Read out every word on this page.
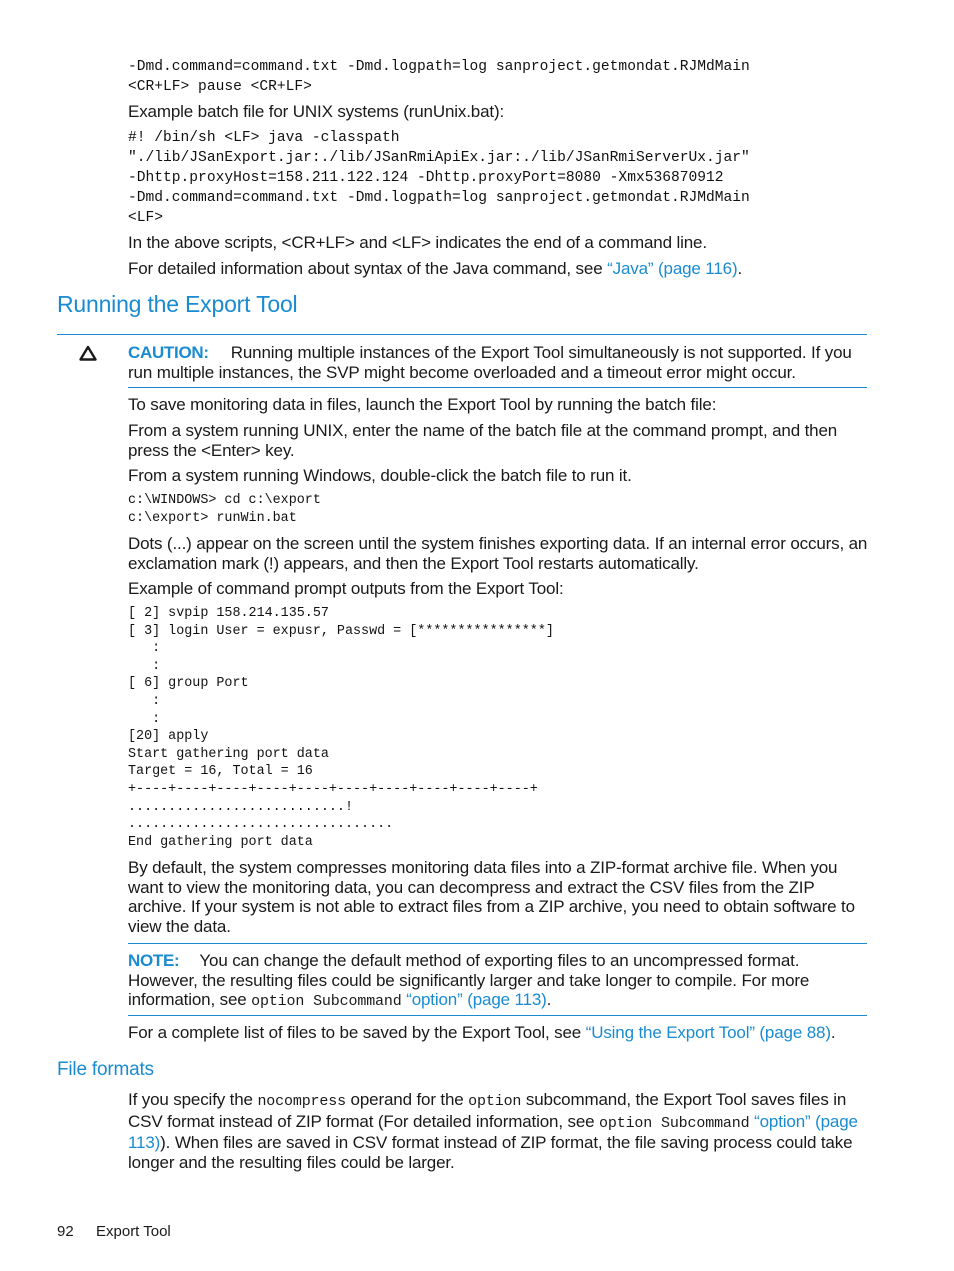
-Dmd.command=command.txt -Dmd.logpath=log sanproject.getmondat.RJMdMain
<CR+LF> pause <CR+LF>

Example batch file for UNIX systems (runUnix.bat):

#! /bin/sh <LF> java -classpath
"./lib/JSanExport.jar:./lib/JSanRmiApiEx.jar:./lib/JSanRmiServerUx.jar"
-Dhttp.proxyHost=158.211.122.124 -Dhttp.proxyPort=8080 -Xmx536870912
-Dmd.command=command.txt -Dmd.logpath=log sanproject.getmondat.RJMdMain
<LF>

In the above scripts, <CR+LF> and <LF> indicates the end of a command line.

For detailed information about syntax of the Java command, see “Java” (page 116).

Running the Export Tool

CAUTION: Running multiple instances of the Export Tool simultaneously is not supported. If you run multiple instances, the SVP might become overloaded and a timeout error might occur.

To save monitoring data in files, launch the Export Tool by running the batch file:

From a system running UNIX, enter the name of the batch file at the command prompt, and then press the <Enter> key.

From a system running Windows, double-click the batch file to run it.

c:\WINDOWS> cd c:\export
c:\export> runWin.bat

Dots (...) appear on the screen until the system finishes exporting data. If an internal error occurs, an exclamation mark (!) appears, and then the Export Tool restarts automatically.

Example of command prompt outputs from the Export Tool:

[ 2] svpip 158.214.135.57
[ 3] login User = expusr, Passwd = [****************]
:
:
[ 6] group Port
:
:
[20] apply
Start gathering port data
Target = 16, Total = 16
+----+----+----+----+----+----+----+----+----+----+
...........................!
.................................
End gathering port data

By default, the system compresses monitoring data files into a ZIP-format archive file. When you want to view the monitoring data, you can decompress and extract the CSV files from the ZIP archive. If your system is not able to extract files from a ZIP archive, you need to obtain software to view the data.

NOTE: You can change the default method of exporting files to an uncompressed format. However, the resulting files could be significantly larger and take longer to compile. For more information, see option Subcommand “option” (page 113).

For a complete list of files to be saved by the Export Tool, see “Using the Export Tool” (page 88).

File formats

If you specify the nocompress operand for the option subcommand, the Export Tool saves files in CSV format instead of ZIP format (For detailed information, see option Subcommand “option” (page 113)). When files are saved in CSV format instead of ZIP format, the file saving process could take longer and the resulting files could be larger.

92 Export Tool
